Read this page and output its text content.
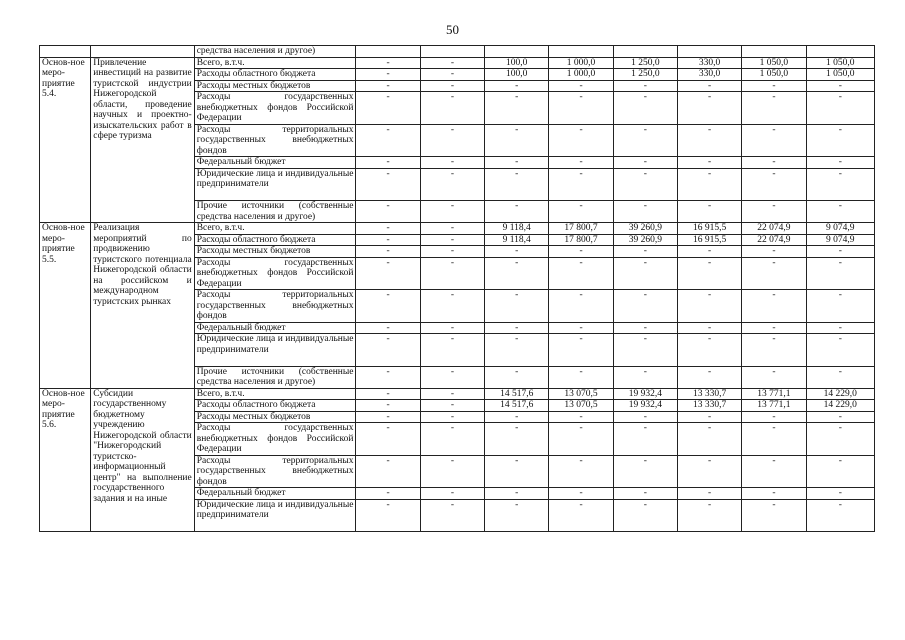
50
		средства населения и другое)								
Основ-ное меро-приятие 5.4.	Привлечение инвестиций на развитие туристской индустрии Нижегородской области, проведение научных и проектно-изыскательских работ в сфере туризма	Всего, в.т.ч.	-	-	100,0	1 000,0	1 250,0	330,0	1 050,0	1 050,0
		Расходы областного бюджета	-	-	100,0	1 000,0	1 250,0	330,0	1 050,0	1 050,0
		Расходы местных бюджетов	-	-	-	-	-	-	-	-
		Расходы государственных внебюджетных фондов Российской Федерации	-	-	-	-	-	-	-	-
		Расходы территориальных государственных внебюджетных фондов	-	-	-	-	-	-	-	-
		Федеральный бюджет	-	-	-	-	-	-	-	-
		Юридические лица и индивидуальные предприниматели	-	-	-	-	-	-	-	-
		Прочие источники (собственные средства населения и другое)	-	-	-	-	-	-	-	-
Основ-ное меро-приятие 5.5.	Реализация мероприятий по продвижению туристского потенциала Нижегородской области на российском и международном туристских рынках	Всего, в.т.ч.	-	-	9 118,4	17 800,7	39 260,9	16 915,5	22 074,9	9 074,9
		Расходы областного бюджета	-	-	9 118,4	17 800,7	39 260,9	16 915,5	22 074,9	9 074,9
		Расходы местных бюджетов	-	-	-	-	-	-	-	-
		Расходы государственных внебюджетных фондов Российской Федерации	-	-	-	-	-	-	-	-
		Расходы территориальных государственных внебюджетных фондов	-	-	-	-	-	-	-	-
		Федеральный бюджет	-	-	-	-	-	-	-	-
		Юридические лица и индивидуальные предприниматели	-	-	-	-	-	-	-	-
		Прочие источники (собственные средства населения и другое)	-	-	-	-	-	-	-	-
Основ-ное меро-приятие 5.6.	Субсидии государственному бюджетному учреждению Нижегородской области "Нижегородский туристско-информационный центр" на выполнение государственного задания и на иные	Всего, в.т.ч.	-	-	14 517,6	13 070,5	19 932,4	13 330,7	13 771,1	14 229,0
		Расходы областного бюджета	-	-	14 517,6	13 070,5	19 932,4	13 330,7	13 771,1	14 229,0
		Расходы местных бюджетов	-	-	-	-	-	-	-	-
		Расходы государственных внебюджетных фондов Российской Федерации	-	-	-	-	-	-	-	-
		Расходы территориальных государственных внебюджетных фондов	-	-	-	-	-	-	-	-
		Федеральный бюджет	-	-	-	-	-	-	-	-
		Юридические лица и индивидуальные предприниматели	-	-	-	-	-	-	-	-
